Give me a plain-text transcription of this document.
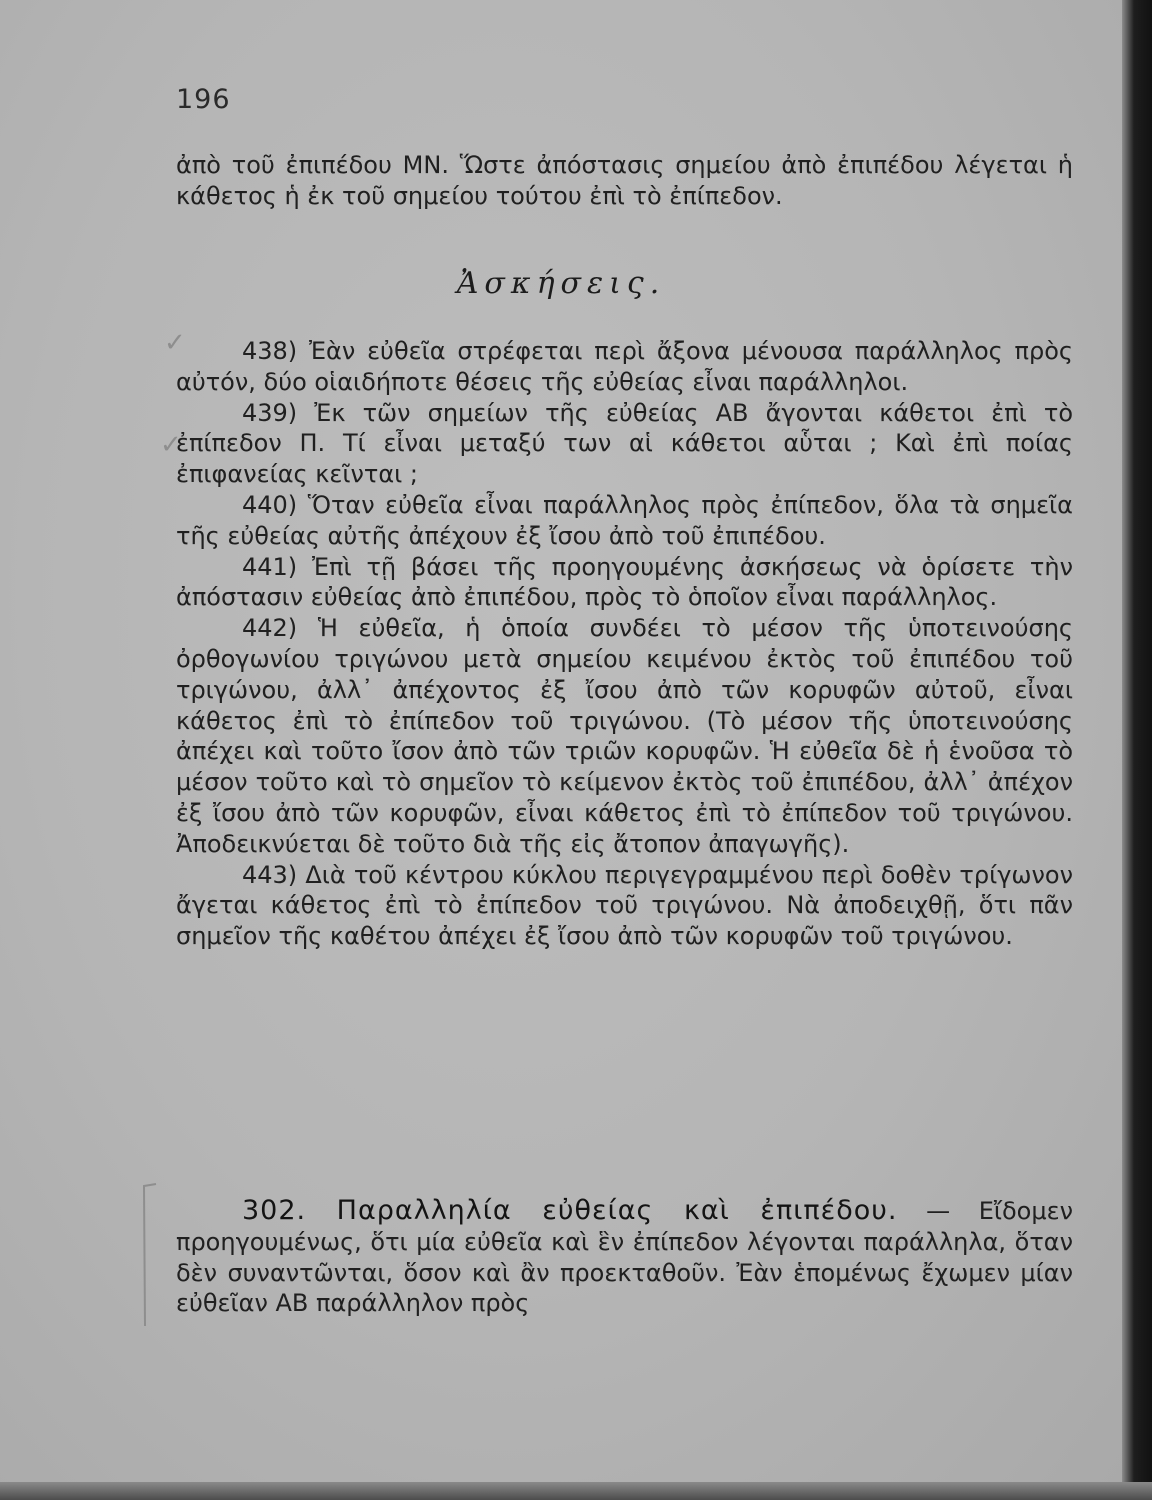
196

ἀπὸ τοῦ ἐπιπέδου ΜΝ. Ὥστε ἀπόστασις σημείου ἀπὸ ἐπιπέδου λέγεται ἡ κάθετος ἡ ἐκ τοῦ σημείου τούτου ἐπὶ τὸ ἐπίπεδον.

Ἀσκήσεις.
✓
✓

438) Ἐὰν εὐθεῖα στρέφεται περὶ ἄξονα μένουσα παράλληλος πρὸς αὐτόν, δύο οἱαιδήποτε θέσεις τῆς εὐθείας εἶναι παράλληλοι.

439) Ἐκ τῶν σημείων τῆς εὐθείας ΑΒ ἄγονται κάθετοι ἐπὶ τὸ ἐπίπεδον Π. Τί εἶναι μεταξύ των αἱ κάθετοι αὗται ; Καὶ ἐπὶ ποίας ἐπιφανείας κεῖνται ;

440) Ὅταν εὐθεῖα εἶναι παράλληλος πρὸς ἐπίπεδον, ὅλα τὰ σημεῖα τῆς εὐθείας αὐτῆς ἀπέχουν ἐξ ἴσου ἀπὸ τοῦ ἐπιπέδου.

441) Ἐπὶ τῇ βάσει τῆς προηγουμένης ἀσκήσεως νὰ ὁρίσετε τὴν ἀπόστασιν εὐθείας ἀπὸ ἐπιπέδου, πρὸς τὸ ὁποῖον εἶναι παράλληλος.

442) Ἡ εὐθεῖα, ἡ ὁποία συνδέει τὸ μέσον τῆς ὑποτεινούσης ὀρθογωνίου τριγώνου μετὰ σημείου κειμένου ἐκτὸς τοῦ ἐπιπέδου τοῦ τριγώνου, ἀλλ᾽ ἀπέχοντος ἐξ ἴσου ἀπὸ τῶν κορυφῶν αὐτοῦ, εἶναι κάθετος ἐπὶ τὸ ἐπίπεδον τοῦ τριγώνου. (Τὸ μέσον τῆς ὑποτεινούσης ἀπέχει καὶ τοῦτο ἴσον ἀπὸ τῶν τριῶν κορυφῶν. Ἡ εὐθεῖα δὲ ἡ ἑνοῦσα τὸ μέσον τοῦτο καὶ τὸ σημεῖον τὸ κείμενον ἐκτὸς τοῦ ἐπιπέδου, ἀλλ᾽ ἀπέχον ἐξ ἴσου ἀπὸ τῶν κορυφῶν, εἶναι κάθετος ἐπὶ τὸ ἐπίπεδον τοῦ τριγώνου. Ἀποδεικνύεται δὲ τοῦτο διὰ τῆς εἰς ἄτοπον ἀπαγωγῆς).

443) Διὰ τοῦ κέντρου κύκλου περιγεγραμμένου περὶ δοθὲν τρίγωνον ἄγεται κάθετος ἐπὶ τὸ ἐπίπεδον τοῦ τριγώνου. Νὰ ἀποδειχθῇ, ὅτι πᾶν σημεῖον τῆς καθέτου ἀπέχει ἐξ ἴσου ἀπὸ τῶν κορυφῶν τοῦ τριγώνου.

302. Παραλληλία εὐθείας καὶ ἐπιπέδου. — Εἴδομεν προηγουμένως, ὅτι μία εὐθεῖα καὶ ἓν ἐπίπεδον λέγονται παράλληλα, ὅταν δὲν συναντῶνται, ὅσον καὶ ἂν προεκταθοῦν. Ἐὰν ἑπομένως ἔχωμεν μίαν εὐθεῖαν ΑΒ παράλληλον πρὸς
